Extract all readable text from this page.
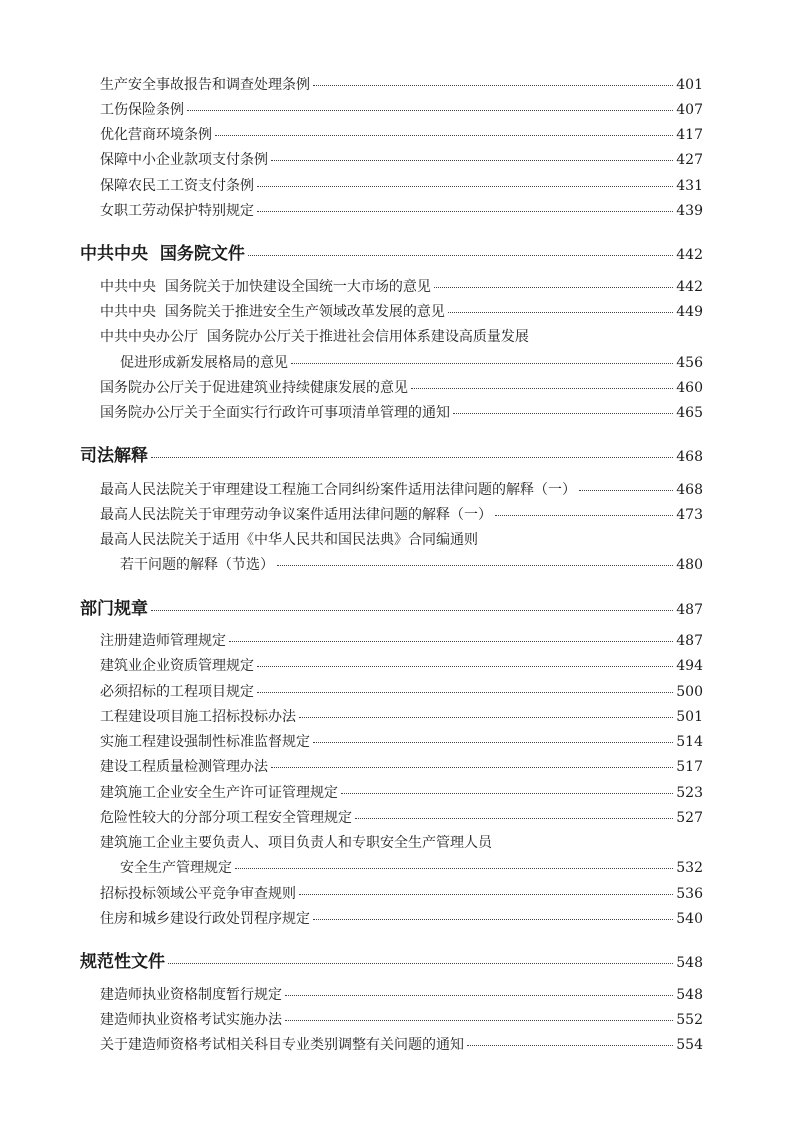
生产安全事故报告和调查处理条例	401
工伤保险条例	407
优化营商环境条例	417
保障中小企业款项支付条例	427
保障农民工工资支付条例	431
女职工劳动保护特别规定	439
中共中央  国务院文件	442
中共中央  国务院关于加快建设全国统一大市场的意见	442
中共中央  国务院关于推进安全生产领域改革发展的意见	449
中共中央办公厅  国务院办公厅关于推进社会信用体系建设高质量发展
促进形成新发展格局的意见	456
国务院办公厅关于促进建筑业持续健康发展的意见	460
国务院办公厅关于全面实行行政许可事项清单管理的通知	465
司法解释	468
最高人民法院关于审理建设工程施工合同纠纷案件适用法律问题的解释（一）	468
最高人民法院关于审理劳动争议案件适用法律问题的解释（一）	473
最高人民法院关于适用《中华人民共和国民法典》合同编通则
若干问题的解释（节选）	480
部门规章	487
注册建造师管理规定	487
建筑业企业资质管理规定	494
必须招标的工程项目规定	500
工程建设项目施工招标投标办法	501
实施工程建设强制性标准监督规定	514
建设工程质量检测管理办法	517
建筑施工企业安全生产许可证管理规定	523
危险性较大的分部分项工程安全管理规定	527
建筑施工企业主要负责人、项目负责人和专职安全生产管理人员
安全生产管理规定	532
招标投标领域公平竞争审查规则	536
住房和城乡建设行政处罚程序规定	540
规范性文件	548
建造师执业资格制度暂行规定	548
建造师执业资格考试实施办法	552
关于建造师资格考试相关科目专业类别调整有关问题的通知	554
